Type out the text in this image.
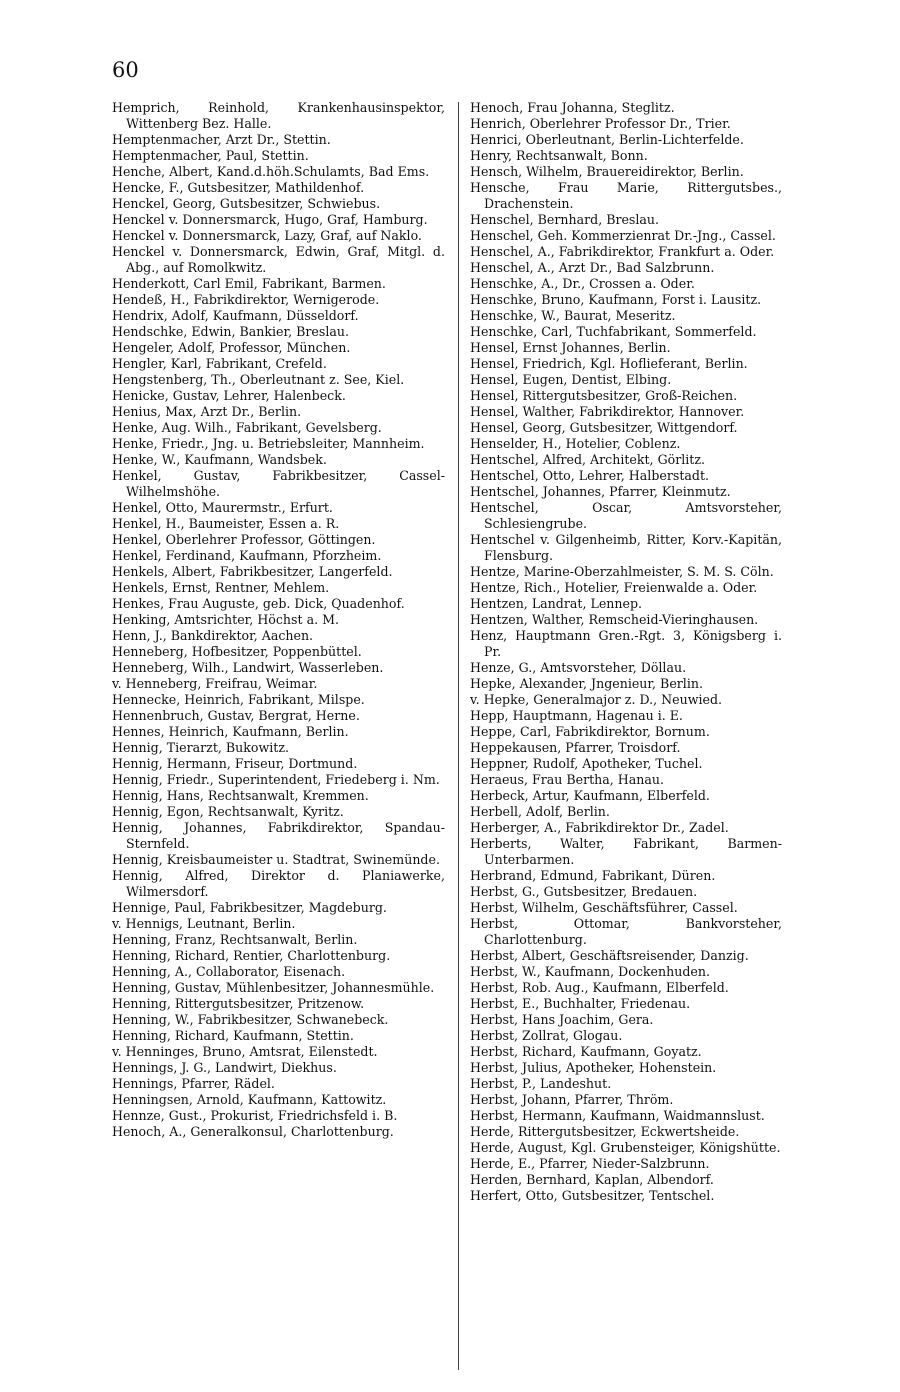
60
Hemprich, Reinhold, Krankenhausinspektor, Wittenberg Bez. Halle.
Hemptenmacher, Arzt Dr., Stettin.
Hemptenmacher, Paul, Stettin.
Henche, Albert, Kand.d.höh.Schulamts, Bad Ems.
Hencke, F., Gutsbesitzer, Mathildenhof.
Henckel, Georg, Gutsbesitzer, Schwiebus.
Henckel v. Donnersmarck, Hugo, Graf, Hamburg.
Henckel v. Donnersmarck, Lazy, Graf, auf Naklo.
Henckel v. Donnersmarck, Edwin, Graf, Mitgl. d. Abg., auf Romolkwitz.
Henderkott, Carl Emil, Fabrikant, Barmen.
Hendeß, H., Fabrikdirektor, Wernigerode.
Hendrix, Adolf, Kaufmann, Düsseldorf.
Hendschke, Edwin, Bankier, Breslau.
Hengeler, Adolf, Professor, München.
Hengler, Karl, Fabrikant, Crefeld.
Hengstenberg, Th., Oberleutnant z. See, Kiel.
Henicke, Gustav, Lehrer, Halenbeck.
Henius, Max, Arzt Dr., Berlin.
Henke, Aug. Wilh., Fabrikant, Gevelsberg.
Henke, Friedr., Jng. u. Betriebsleiter, Mannheim.
Henke, W., Kaufmann, Wandsbek.
Henkel, Gustav, Fabrikbesitzer, Cassel-Wilhelmshöhe.
Henkel, Otto, Maurermstr., Erfurt.
Henkel, H., Baumeister, Essen a. R.
Henkel, Oberlehrer Professor, Göttingen.
Henkel, Ferdinand, Kaufmann, Pforzheim.
Henkels, Albert, Fabrikbesitzer, Langerfeld.
Henkels, Ernst, Rentner, Mehlem.
Henkes, Frau Auguste, geb. Dick, Quadenhof.
Henking, Amtsrichter, Höchst a. M.
Henn, J., Bankdirektor, Aachen.
Henneberg, Hofbesitzer, Poppenbüttel.
Henneberg, Wilh., Landwirt, Wasserleben.
v. Henneberg, Freifrau, Weimar.
Hennecke, Heinrich, Fabrikant, Milspe.
Hennenbruch, Gustav, Bergrat, Herne.
Hennes, Heinrich, Kaufmann, Berlin.
Hennig, Tierarzt, Bukowitz.
Hennig, Hermann, Friseur, Dortmund.
Hennig, Friedr., Superintendent, Friedeberg i. Nm.
Hennig, Hans, Rechtsanwalt, Kremmen.
Hennig, Egon, Rechtsanwalt, Kyritz.
Hennig, Johannes, Fabrikdirektor, Spandau-Sternfeld.
Hennig, Kreisbaumeister u. Stadtrat, Swinemünde.
Hennig, Alfred, Direktor d. Planiawerke, Wilmersdorf.
Hennige, Paul, Fabrikbesitzer, Magdeburg.
v. Hennigs, Leutnant, Berlin.
Henning, Franz, Rechtsanwalt, Berlin.
Henning, Richard, Rentier, Charlottenburg.
Henning, A., Collaborator, Eisenach.
Henning, Gustav, Mühlenbesitzer, Johannesmühle.
Henning, Rittergutsbesitzer, Pritzenow.
Henning, W., Fabrikbesitzer, Schwanebeck.
Henning, Richard, Kaufmann, Stettin.
v. Henninges, Bruno, Amtsrat, Eilenstedt.
Hennings, J. G., Landwirt, Diekhus.
Hennings, Pfarrer, Rädel.
Henningsen, Arnold, Kaufmann, Kattowitz.
Hennze, Gust., Prokurist, Friedrichsfeld i. B.
Henoch, A., Generalkonsul, Charlottenburg.
Henoch, Frau Johanna, Steglitz.
Henrich, Oberlehrer Professor Dr., Trier.
Henrici, Oberleutnant, Berlin-Lichterfelde.
Henry, Rechtsanwalt, Bonn.
Hensch, Wilhelm, Brauereidirektor, Berlin.
Hensche, Frau Marie, Rittergutsbes., Drachenstein.
Henschel, Bernhard, Breslau.
Henschel, Geh. Kommerzienrat Dr.-Jng., Cassel.
Henschel, A., Fabrikdirektor, Frankfurt a. Oder.
Henschel, A., Arzt Dr., Bad Salzbrunn.
Henschke, A., Dr., Crossen a. Oder.
Henschke, Bruno, Kaufmann, Forst i. Lausitz.
Henschke, W., Baurat, Meseritz.
Henschke, Carl, Tuchfabrikant, Sommerfeld.
Hensel, Ernst Johannes, Berlin.
Hensel, Friedrich, Kgl. Hoflieferant, Berlin.
Hensel, Eugen, Dentist, Elbing.
Hensel, Rittergutsbesitzer, Groß-Reichen.
Hensel, Walther, Fabrikdirektor, Hannover.
Hensel, Georg, Gutsbesitzer, Wittgendorf.
Henselder, H., Hotelier, Coblenz.
Hentschel, Alfred, Architekt, Görlitz.
Hentschel, Otto, Lehrer, Halberstadt.
Hentschel, Johannes, Pfarrer, Kleinmutz.
Hentschel, Oscar, Amtsvorsteher, Schlesiengrube.
Hentschel v. Gilgenheimb, Ritter, Korv.-Kapitän, Flensburg.
Hentze, Marine-Oberzahlmeister, S. M. S. Cöln.
Hentze, Rich., Hotelier, Freienwalde a. Oder.
Hentzen, Landrat, Lennep.
Hentzen, Walther, Remscheid-Vieringhausen.
Henz, Hauptmann Gren.-Rgt. 3, Königsberg i. Pr.
Henze, G., Amtsvorsteher, Döllau.
Hepke, Alexander, Jngenieur, Berlin.
v. Hepke, Generalmajor z. D., Neuwied.
Hepp, Hauptmann, Hagenau i. E.
Heppe, Carl, Fabrikdirektor, Bornum.
Heppekausen, Pfarrer, Troisdorf.
Heppner, Rudolf, Apotheker, Tuchel.
Heraeus, Frau Bertha, Hanau.
Herbeck, Artur, Kaufmann, Elberfeld.
Herbell, Adolf, Berlin.
Herberger, A., Fabrikdirektor Dr., Zadel.
Herberts, Walter, Fabrikant, Barmen-Unterbarmen.
Herbrand, Edmund, Fabrikant, Düren.
Herbst, G., Gutsbesitzer, Bredauen.
Herbst, Wilhelm, Geschäftsführer, Cassel.
Herbst, Ottomar, Bankvorsteher, Charlottenburg.
Herbst, Albert, Geschäftsreisender, Danzig.
Herbst, W., Kaufmann, Dockenhuden.
Herbst, Rob. Aug., Kaufmann, Elberfeld.
Herbst, E., Buchhalter, Friedenau.
Herbst, Hans Joachim, Gera.
Herbst, Zollrat, Glogau.
Herbst, Richard, Kaufmann, Goyatz.
Herbst, Julius, Apotheker, Hohenstein.
Herbst, P., Landeshut.
Herbst, Johann, Pfarrer, Thröm.
Herbst, Hermann, Kaufmann, Waidmannslust.
Herde, Rittergutsbesitzer, Eckwertsheide.
Herde, August, Kgl. Grubensteiger, Königshütte.
Herde, E., Pfarrer, Nieder-Salzbrunn.
Herden, Bernhard, Kaplan, Albendorf.
Herfert, Otto, Gutsbesitzer, Tentschel.
